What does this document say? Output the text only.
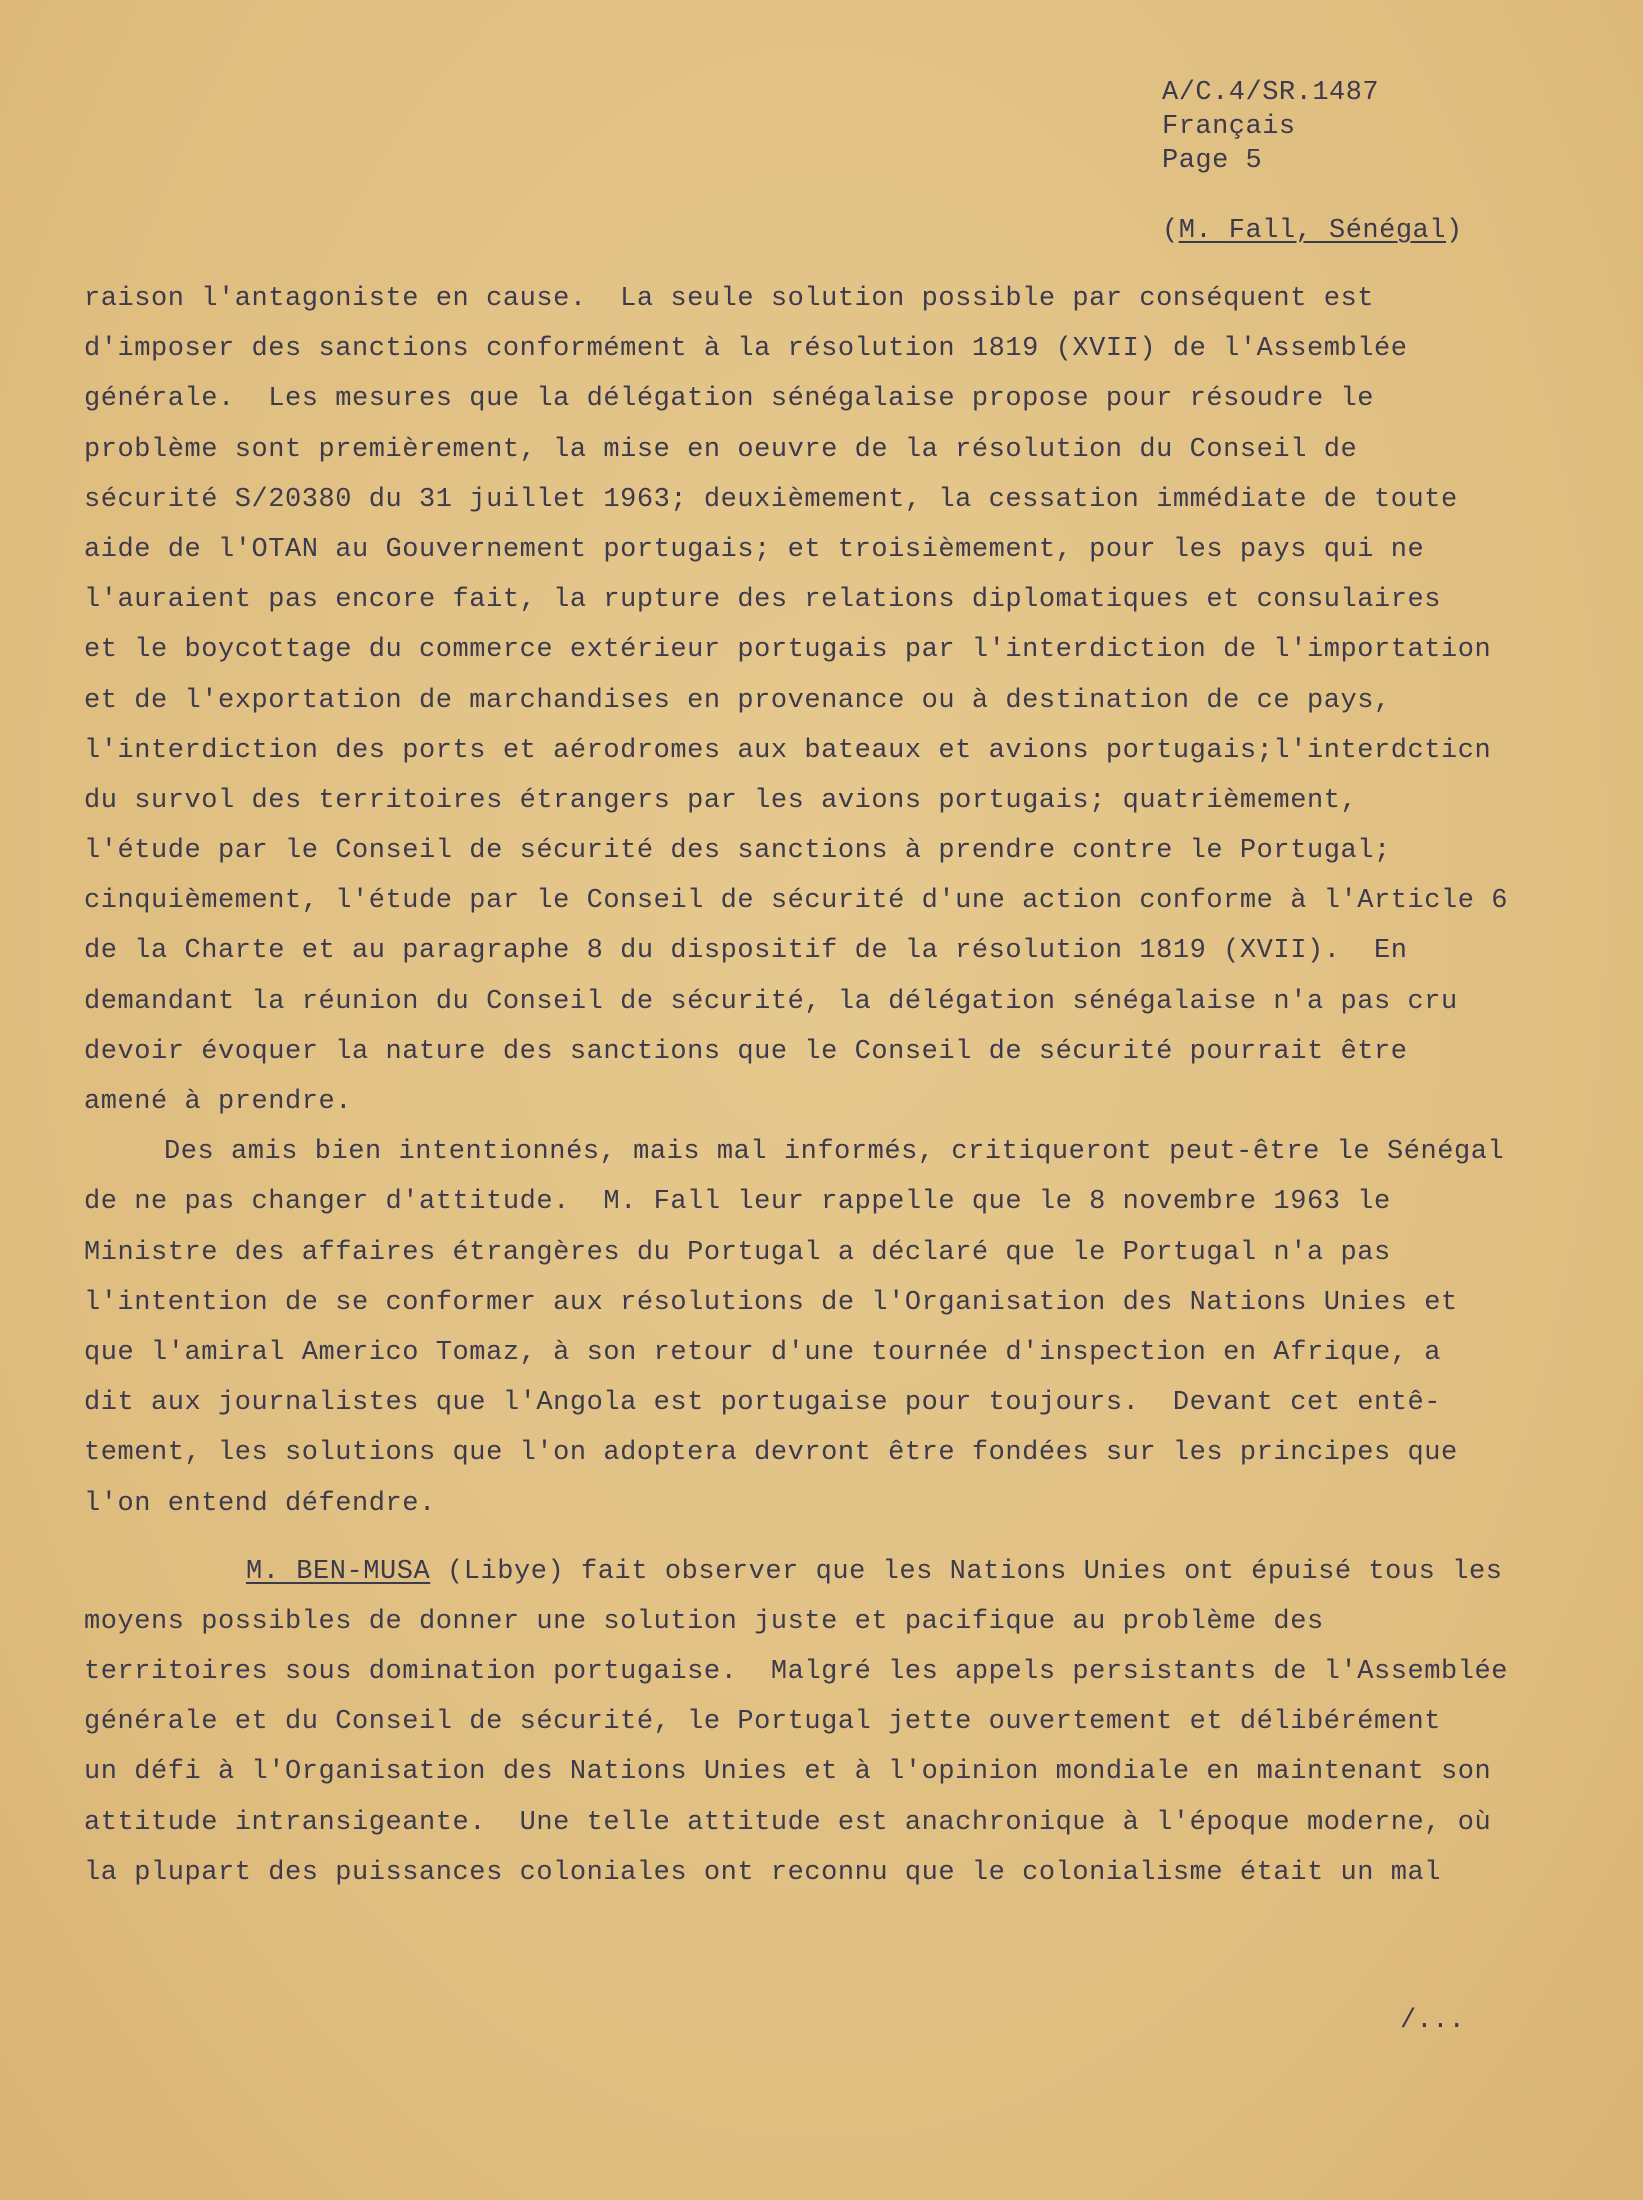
A/C.4/SR.1487
Français
Page 5
(M. Fall, Sénégal)
raison l'antagoniste en cause.  La seule solution possible par conséquent est
d'imposer des sanctions conformément à la résolution 1819 (XVII) de l'Assemblée
générale.  Les mesures que la délégation sénégalaise propose pour résoudre le
problème sont premièrement, la mise en oeuvre de la résolution du Conseil de
sécurité S/20380 du 31 juillet 1963; deuxièmement, la cessation immédiate de toute
aide de l'OTAN au Gouvernement portugais; et troisièmement, pour les pays qui ne
l'auraient pas encore fait, la rupture des relations diplomatiques et consulaires
et le boycottage du commerce extérieur portugais par l'interdiction de l'importation
et de l'exportation de marchandises en provenance ou à destination de ce pays,
l'interdiction des ports et aérodromes aux bateaux et avions portugais;l'interdcticn
du survol des territoires étrangers par les avions portugais; quatrièmement,
l'étude par le Conseil de sécurité des sanctions à prendre contre le Portugal;
cinquièmement, l'étude par le Conseil de sécurité d'une action conforme à l'Article 6
de la Charte et au paragraphe 8 du dispositif de la résolution 1819 (XVII).  En
demandant la réunion du Conseil de sécurité, la délégation sénégalaise n'a pas cru
devoir évoquer la nature des sanctions que le Conseil de sécurité pourrait être
amené à prendre.
Des amis bien intentionnés, mais mal informés, critiqueront peut-être le Sénégal
de ne pas changer d'attitude.  M. Fall leur rappelle que le 8 novembre 1963 le
Ministre des affaires étrangères du Portugal a déclaré que le Portugal n'a pas
l'intention de se conformer aux résolutions de l'Organisation des Nations Unies et
que l'amiral Americo Tomaz, à son retour d'une tournée d'inspection en Afrique, a
dit aux journalistes que l'Angola est portugaise pour toujours.  Devant cet entê-
tement, les solutions que l'on adoptera devront être fondées sur les principes que
l'on entend défendre.
M. BEN-MUSA (Libye) fait observer que les Nations Unies ont épuisé tous les
moyens possibles de donner une solution juste et pacifique au problème des
territoires sous domination portugaise.  Malgré les appels persistants de l'Assemblée
générale et du Conseil de sécurité, le Portugal jette ouvertement et délibérément
un défi à l'Organisation des Nations Unies et à l'opinion mondiale en maintenant son
attitude intransigeante.  Une telle attitude est anachronique à l'époque moderne, où
la plupart des puissances coloniales ont reconnu que le colonialisme était un mal
/...
